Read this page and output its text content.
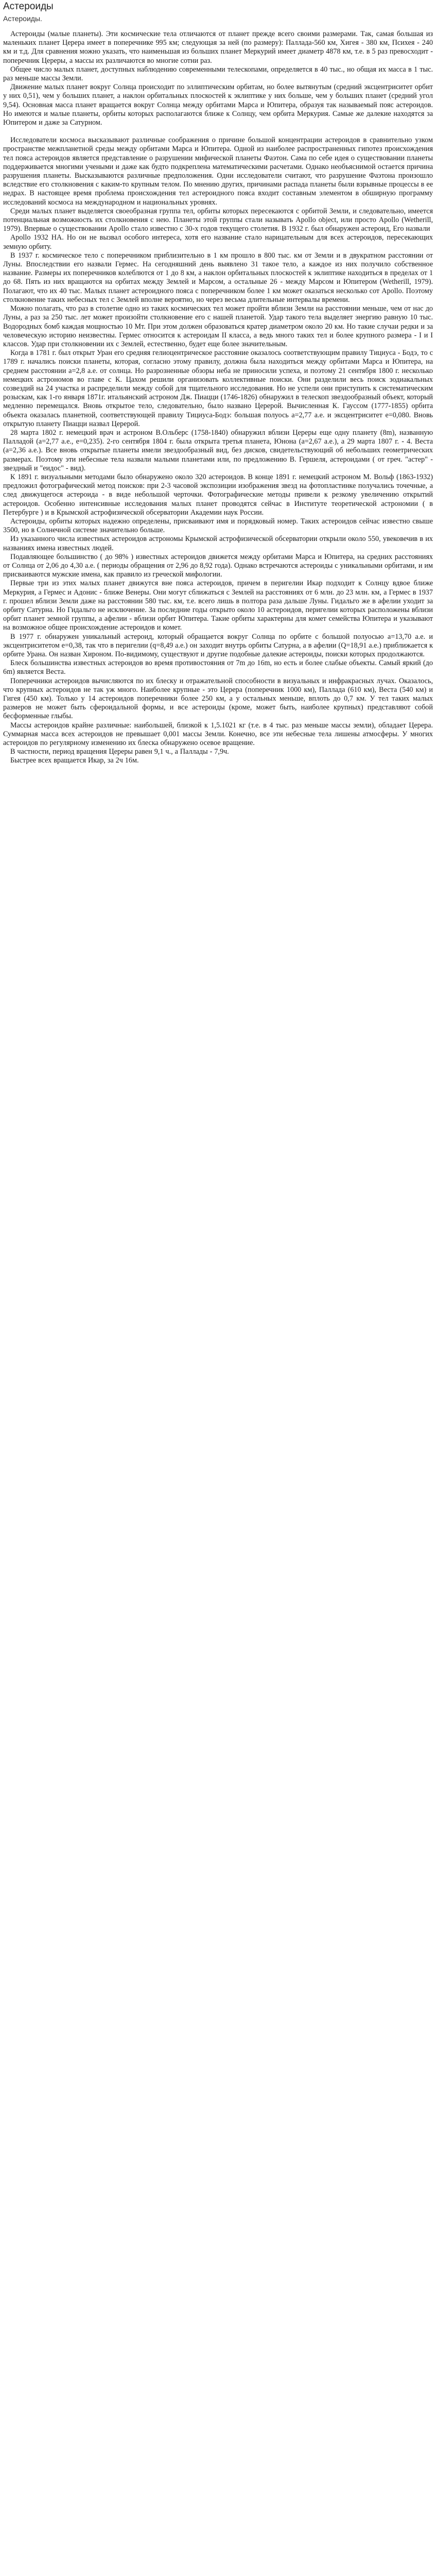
Астероиды
Астероиды.

Астероиды (малые планеты). Эти космические тела отличаются от планет прежде всего своими размерами. Так, самая большая из маленьких планет Церера имеет в поперечнике 995 км; следующая за ней (по размеру): Паллада-560 км, Хигея - 380 км, Психея - 240 км и т.д. Для сравнения можно указать, что наименьшая из больших планет Меркурий имеет диаметр 4878 км, т.е. в 5 раз превосходит - поперечник Цереры, а массы их различаются во многие сотни раз.

Общее число малых планет, доступных наблюдению современными телескопами, определяется в 40 тыс., но общая их масса в 1 тыс. раз меньше массы Земли.

Движение малых планет вокруг Солнца происходит по эллиптическим орбитам, но более вытянутым (средний эксцентриситет орбит у них 0,51), чем у больших планет, а наклон орбитальных плоскостей к эклиптике у них больше, чем у больших планет (средний угол 9,54). Основная масса планет вращается вокруг Солнца между орбитами Марса и Юпитера, образуя так называемый пояс астероидов. Но имеются и малые планеты, орбиты которых располагаются ближе к Солнцу, чем орбита Меркурия. Самые же далекие находятся за Юпитером и даже за Сатурном.

Исследователи космоса высказывают различные соображения о причине большой концентрации астероидов в сравнительно узком пространстве межпланетной среды между орбитами Марса и Юпитера. Одной из наиболее распространенных гипотез происхождения тел пояса астероидов является представление о разрушении мифической планеты Фаэтон. Сама по себе идея о существовании планеты поддерживается многими учеными и даже как будто подкреплена математическими расчетами. Однако необъяснимой остается причина разрушения планеты. Высказываются различные предположения. Одни исследователи считают, что разрушение Фаэтона произошло вследствие его столкновения с каким-то крупным телом. По мнению других, причинами распада планеты были взрывные процессы в ее недрах. В настоящее время проблема происхождения тел астероидного пояса входит составным элементом в обширную программу исследований космоса на международном и национальных уровнях.

Среди малых планет выделяется своеобразная группа тел, орбиты которых пересекаются с орбитой Земли, и следовательно, имеется потенциальная возможность их столкновения с нею. Планеты этой группы стали называть Apollo object, или просто Apollo (Wetherill, 1979). Впервые о существовании Apollo стало известно с 30-х годов текущего столетия. В 1932 г. был обнаружен астероид, Его назвали

Apollo 1932 HA. Но он не вызвал особого интереса, хотя его название стало нарицательным для всех астероидов, пересекающих земную орбиту.

В 1937 г. космическое тело с поперечником приблизительно в 1 км прошло в 800 тыс. км от Земли и в двукратном расстоянии от Луны. Впоследствии его назвали Гермес. На сегодняшний день выявлено 31 такое тело, а каждое из них получило собственное название. Размеры их поперечников колеблются от 1 до 8 км, а наклон орбитальных плоскостей к эклиптике находиться в пределах от 1 до 68. Пять из них вращаются на орбитах между Землей и Марсом, а остальные 26 - между Марсом и Юпитером (Wetherill, 1979). Полагают, что их 40 тыс. Малых планет астероидного пояса с поперечником более 1 км может оказаться несколько сот Apollo. Поэтому столкновение таких небесных тел с Землей вполне вероятно, но через весьма длительные интервалы времени.

Можно полагать, что раз в столетие одно из таких космических тел может пройти вблизи Земли на расстоянии меньше, чем от нас до Луны, а раз за 250 тыс. лет может произойти столкновение его с нашей планетой. Удар такого тела выделяет энергию равную 10 тыс. Водородных бомб каждая мощностью 10 Мт. При этом должен образоваться кратер диаметром около 20 км. Но такие случаи редки и за человеческую историю неизвестны. Гермес относится к астероидам II класса, а ведь много таких тел и более крупного размера - I и I классов. Удар при столкновении их с Землей, естественно, будет еще более значительным.

Когда в 1781 г. был открыт Уран его средняя гелиоцентрическое расстояние оказалось соответствующим правилу Тициуса - Бодэ, то с 1789 г. начались поиски планеты, которая, согласно этому правилу, должна была находиться между орбитами Марса и Юпитера, на среднем расстоянии a=2,8 а.е. от солнца. Но разрозненные обзоры неба не приносили успеха, и поэтому 21 сентября 1800 г. несколько немецких астрономов во главе с К. Цахом решили организовать коллективные поиски. Они разделили весь поиск зодиакальных созвездий на 24 участка и распределили между собой для тщательного исследования. Но не успели они приступить к систематическим розыскам, как 1-го января 1871г. итальянский астроном Дж. Пиацци (1746-1826) обнаружил в телескоп звездообразный объект, который медленно перемещался. Вновь открытое тело, следовательно, было названо Церерой. Вычисленная К. Гауссом (1777-1855) орбита объекта оказалась планетной, соответствующей правилу Тициуса-Бодэ: большая полуось a=2,77 а.е. и эксцентриситет e=0,080. Вновь открытую планету Пиацци назвал Церерой.

28 марта 1802 г. немецкий врач и астроном В.Ольберс (1758-1840) обнаружил вблизи Цереры еще одну планету (8m), названную Палладой (a=2,77 а.е., e=0,235). 2-го сентября 1804 г. была открыта третья планета, Юнона (a=2,67 а.е.), а 29 марта 1807 г. - 4. Веста (a=2,36 а.е.). Все вновь открытые планеты имели звездообразный вид, без дисков, свидетельствующий об небольших геометрических размерах. Поэтому эти небесные тела назвали малыми планетами или, по предложению В. Гершеля, астероидами ( от греч. "астер" - звездный и "еидос" - вид).

К 1891 г. визуальными методами было обнаружено около 320 астероидов. В конце 1891 г. немецкий астроном М. Вольф (1863-1932) предложил фотографический метод поисков: при 2-3 часовой экспозиции изображения звезд на фотопластинке получались точечные, а след движущегося астероида - в виде небольшой черточки. Фотографические методы привели к резкому увеличению открытий астероидов. Особенно интенсивные исследования малых планет проводятся сейчас в Институте теоретической астрономии ( в Петербурге ) и в Крымской астрофизической обсерватории Академии наук России.

Астероиды, орбиты которых надежно определены, присваивают имя и порядковый номер. Таких астероидов сейчас известно свыше 3500, но в Солнечной системе значительно больше.

Из указанного числа известных астероидов астрономы Крымской астрофизической обсерватории открыли около 550, увековечив в их названиях имена известных людей.

Подавляющее большинство ( до 98% ) известных астероидов движется между орбитами Марса и Юпитера, на средних расстояниях от Солнца от 2,06 до 4,30 а.е. ( периоды обращения от 2,96 до 8,92 года). Однако встречаются астероиды с уникальными орбитами, и им присваиваются мужские имена, как правило из греческой мифологии.

Первые три из этих малых планет движутся вне пояса астероидов, причем в перигелии Икар подходит к Солнцу вдвое ближе Меркурия, а Гермес и Адонис - ближе Венеры. Они могут сближаться с Землей на расстояниях от 6 млн. до 23 млн. км, а Гермес в 1937 г. прошел вблизи Земли даже на расстоянии 580 тыс. км, т.е. всего лишь в полтора раза дальше Луны. Гидальго же в афелии уходит за орбиту Сатурна. Но Гидальго не исключение. За последние годы открыто около 10 астероидов, перигелии которых расположены вблизи орбит планет земной группы, а афелии - вблизи орбит Юпитера. Такие орбиты характерны для комет семейства Юпитера и указывают на возможное общее происхождение астероидов и комет.

В 1977 г. обнаружен уникальный астероид, который обращается вокруг Солнца по орбите с большой полуосью a=13,70 а.е. и эксцентриситетом e=0,38, так что в перигелии (q=8,49 а.е.) он заходит внутрь орбиты Сатурна, а в афелии (Q=18,91 а.е.) приближается к орбите Урана. Он назван Хироном. По-видимому, существуют и другие подобные далекие астероиды, поиски которых продолжаются.

Блеск большинства известных астероидов во время противостояния от 7m до 16m, но есть и более слабые объекты. Самый яркий (до 6m) является Веста.

Поперечники астероидов вычисляются по их блеску и отражательной способности в визуальных и инфракрасных лучах. Оказалось, что крупных астероидов не так уж много. Наиболее крупные - это Церера (поперечник 1000 км), Паллада (610 км), Веста (540 км) и Гигея (450 км). Только у 14 астероидов поперечники более 250 км, а у остальных меньше, вплоть до 0,7 км. У тел таких малых размеров не может быть сфероидальной формы, и все астероиды (кроме, может быть, наиболее крупных) представляют собой бесформенные глыбы.

Массы астероидов крайне различные: наибольшей, близкой к 1,5.1021 кг (т.е. в 4 тыс. раз меньше массы земли), обладает Церера. Суммарная масса всех астероидов не превышает 0,001 массы Земли. Конечно, все эти небесные тела лишены атмосферы. У многих астероидов по регулярному изменению их блеска обнаружено осевое вращение.

В частности, период вращения Цереры равен 9,1 ч., а Паллады - 7,9ч.

Быстрее всех вращается Икар, за 2ч 16м.
